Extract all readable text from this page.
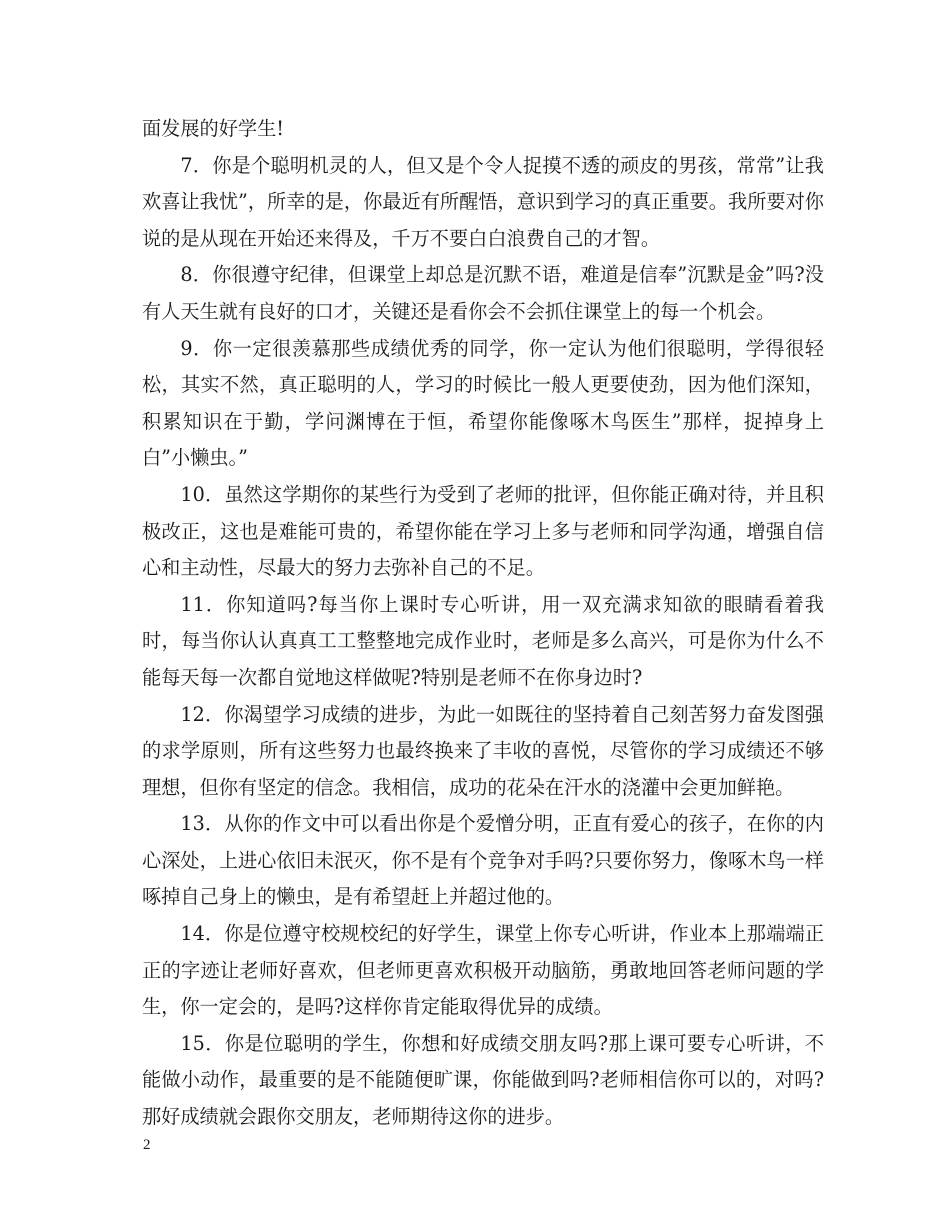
面发展的好学生!

7．你是个聪明机灵的人，但又是个令人捉摸不透的顽皮的男孩，常常”让我欢喜让我忧”，所幸的是，你最近有所醒悟，意识到学习的真正重要。我所要对你说的是从现在开始还来得及，千万不要白白浪费自己的才智。

8．你很遵守纪律，但课堂上却总是沉默不语，难道是信奉”沉默是金”吗?没有人天生就有良好的口才，关键还是看你会不会抓住课堂上的每一个机会。

9．你一定很羡慕那些成绩优秀的同学，你一定认为他们很聪明，学得很轻松，其实不然，真正聪明的人，学习的时候比一般人更要使劲，因为他们深知，积累知识在于勤，学问渊博在于恒，希望你能像啄木鸟医生”那样，捉掉身上白”小懒虫。”

10．虽然这学期你的某些行为受到了老师的批评，但你能正确对待，并且积极改正，这也是难能可贵的，希望你能在学习上多与老师和同学沟通，增强自信心和主动性，尽最大的努力去弥补自己的不足。

11．你知道吗?每当你上课时专心听讲，用一双充满求知欲的眼睛看着我时，每当你认认真真工工整整地完成作业时，老师是多么高兴，可是你为什么不能每天每一次都自觉地这样做呢?特别是老师不在你身边时?

12．你渴望学习成绩的进步，为此一如既往的坚持着自己刻苦努力奋发图强的求学原则，所有这些努力也最终换来了丰收的喜悦，尽管你的学习成绩还不够理想，但你有坚定的信念。我相信，成功的花朵在汗水的浇灌中会更加鲜艳。

13．从你的作文中可以看出你是个爱憎分明，正直有爱心的孩子，在你的内心深处，上进心依旧未泯灭，你不是有个竞争对手吗?只要你努力，像啄木鸟一样啄掉自己身上的懒虫，是有希望赶上并超过他的。

14．你是位遵守校规校纪的好学生，课堂上你专心听讲，作业本上那端端正正的字迹让老师好喜欢，但老师更喜欢积极开动脑筋，勇敢地回答老师问题的学生，你一定会的，是吗?这样你肯定能取得优异的成绩。

15．你是位聪明的学生，你想和好成绩交朋友吗?那上课可要专心听讲，不能做小动作，最重要的是不能随便旷课，你能做到吗?老师相信你可以的，对吗?那好成绩就会跟你交朋友，老师期待这你的进步。

2
